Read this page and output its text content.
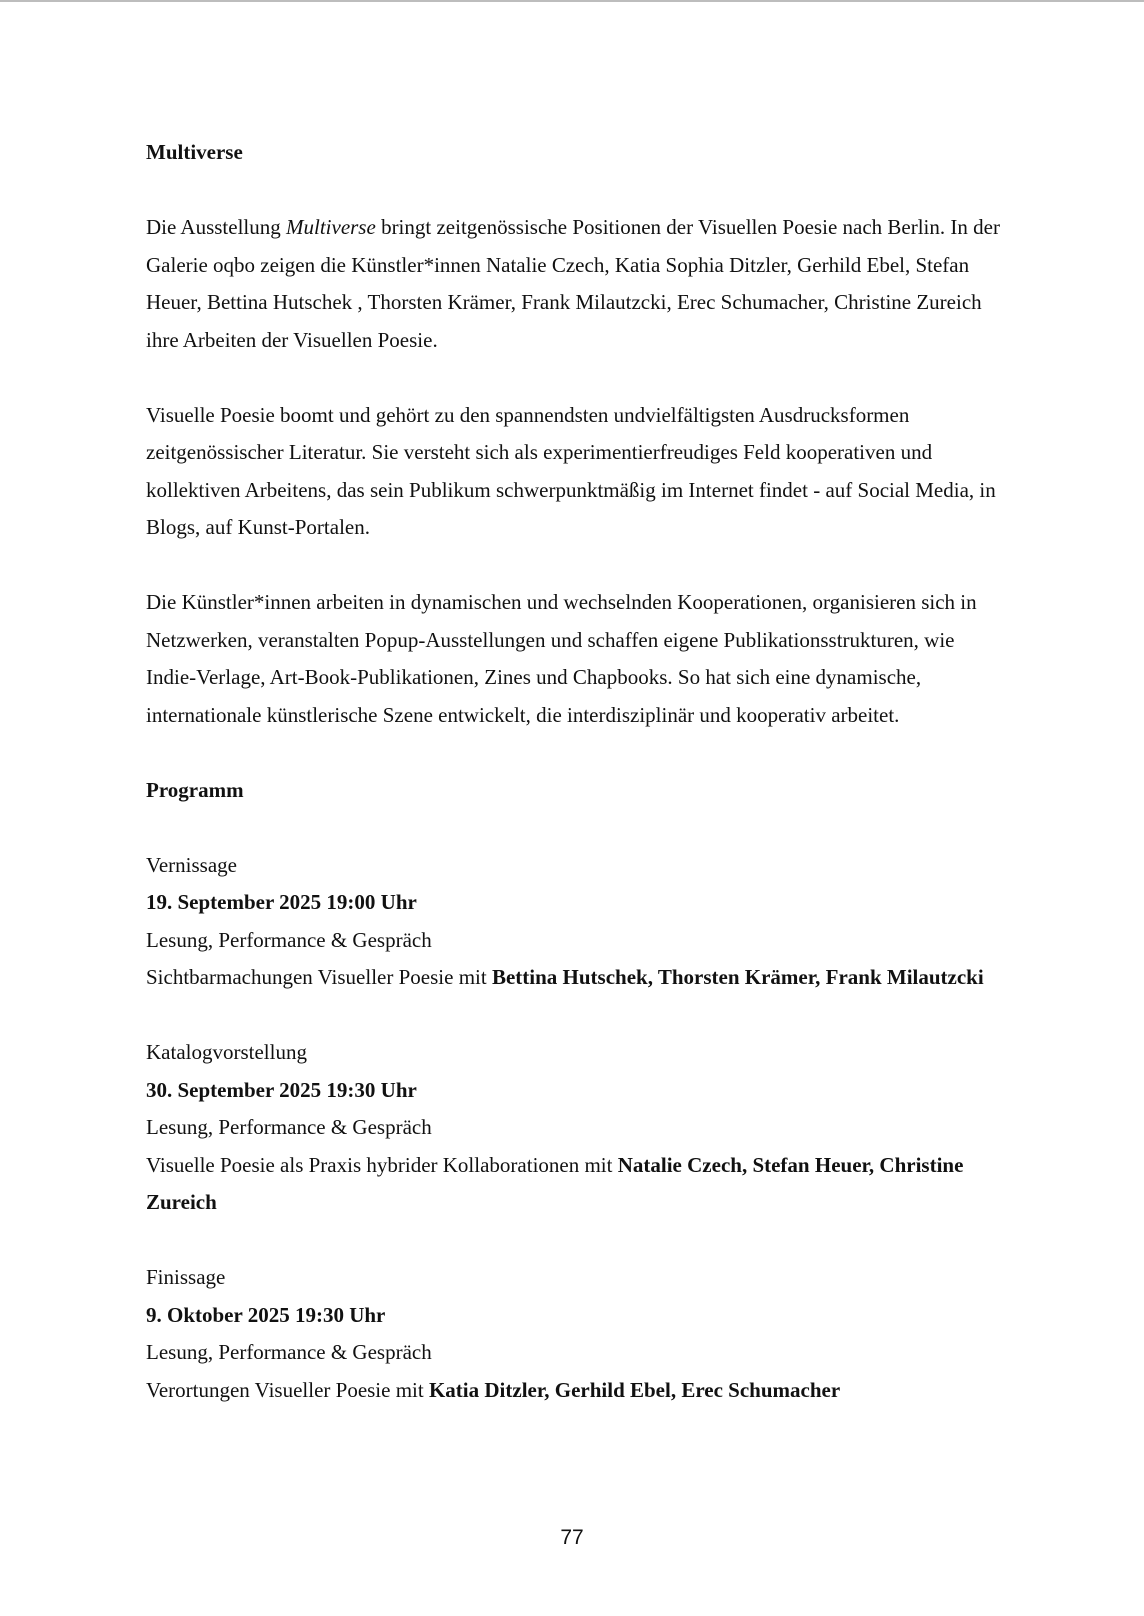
Multiverse

Die Ausstellung Multiverse bringt zeitgenössische Positionen der Visuellen Poesie nach Berlin. In der Galerie oqbo zeigen die Künstler*innen Natalie Czech, Katia Sophia Ditzler, Gerhild Ebel, Stefan Heuer, Bettina Hutschek , Thorsten Krämer, Frank Milautzcki, Erec Schumacher, Christine Zureich ihre Arbeiten der Visuellen Poesie.

Visuelle Poesie boomt und gehört zu den spannendsten undvielfältigsten Ausdrucksformen zeitgenössischer Literatur. Sie versteht sich als experimentierfreudiges Feld kooperativen und kollektiven Arbeitens, das sein Publikum schwerpunktmäßig im Internet findet - auf Social Media, in Blogs, auf Kunst-Portalen.

Die Künstler*innen arbeiten in dynamischen und wechselnden Kooperationen, organisieren sich in Netzwerken, veranstalten Popup-Ausstellungen und schaffen eigene Publikationsstrukturen, wie Indie-Verlage, Art-Book-Publikationen, Zines und Chapbooks. So hat sich eine dynamische, internationale künstlerische Szene entwickelt, die interdisziplinär und kooperativ arbeitet.

Programm

Vernissage

19. September 2025 19:00 Uhr

Lesung, Performance & Gespräch

Sichtbarmachungen Visueller Poesie mit Bettina Hutschek, Thorsten Krämer, Frank Milautzcki

Katalogvorstellung

30. September 2025 19:30 Uhr

Lesung, Performance & Gespräch

Visuelle Poesie als Praxis hybrider Kollaborationen mit Natalie Czech, Stefan Heuer, Christine Zureich

Finissage

9. Oktober 2025 19:30 Uhr

Lesung, Performance & Gespräch

Verortungen Visueller Poesie mit Katia Ditzler, Gerhild Ebel, Erec Schumacher

77
